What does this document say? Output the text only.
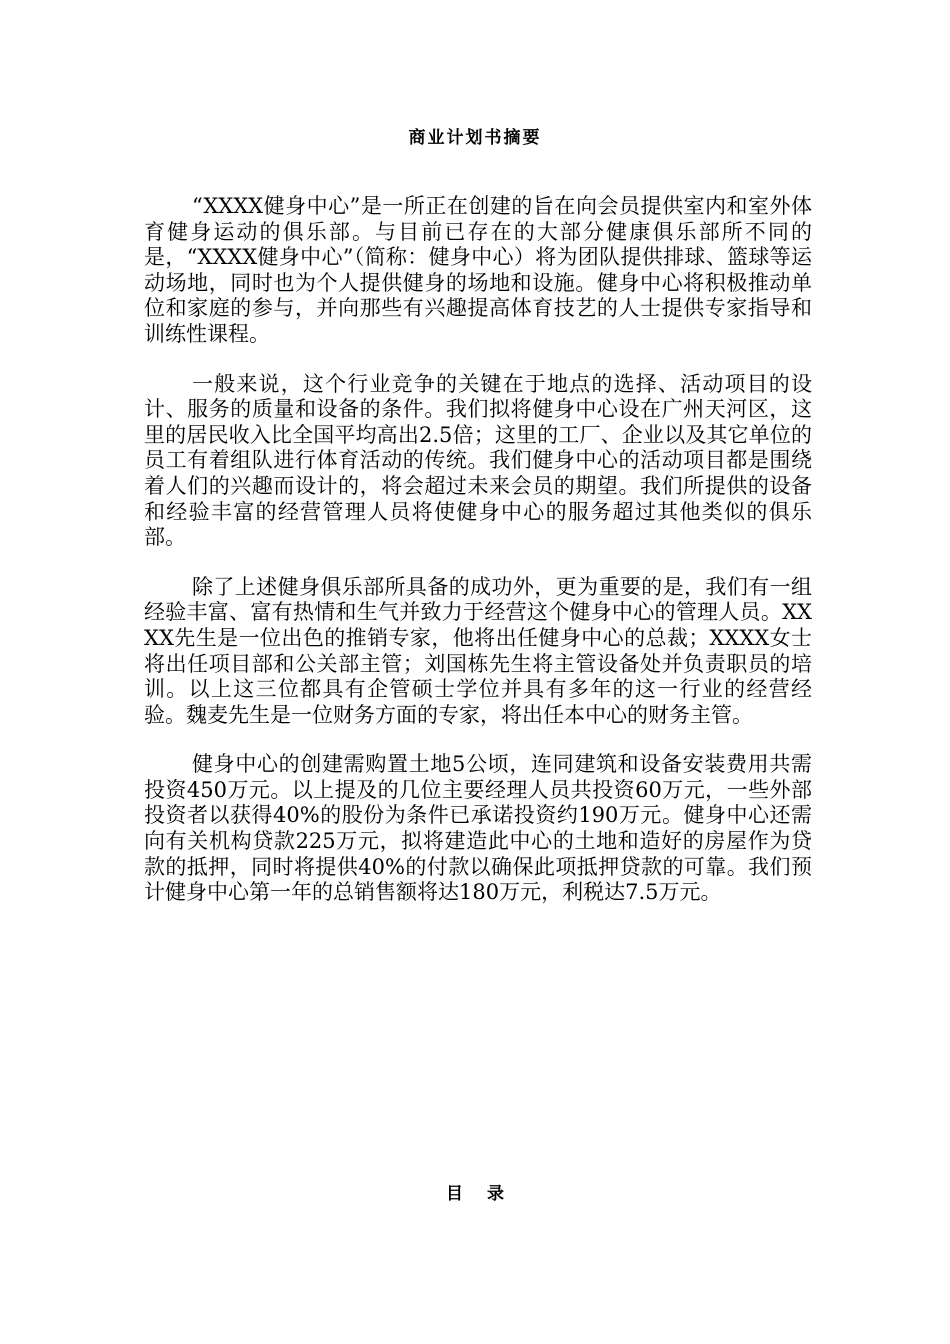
商业计划书摘要

“XXXX健身中心”是一所正在创建的旨在向会员提供室内和室外体育健身运动的俱乐部。与目前已存在的大部分健康俱乐部所不同的是，“XXXX健身中心”（简称：健身中心）将为团队提供排球、篮球等运动场地，同时也为个人提供健身的场地和设施。健身中心将积极推动单位和家庭的参与，并向那些有兴趣提高体育技艺的人士提供专家指导和训练性课程。

一般来说，这个行业竞争的关键在于地点的选择、活动项目的设计、服务的质量和设备的条件。我们拟将健身中心设在广州天河区，这里的居民收入比全国平均高出2.5倍；这里的工厂、企业以及其它单位的员工有着组队进行体育活动的传统。我们健身中心的活动项目都是围绕着人们的兴趣而设计的，将会超过未来会员的期望。我们所提供的设备和经验丰富的经营管理人员将使健身中心的服务超过其他类似的俱乐部。

除了上述健身俱乐部所具备的成功外，更为重要的是，我们有一组经验丰富、富有热情和生气并致力于经营这个健身中心的管理人员。XXXX先生是一位出色的推销专家，他将出任健身中心的总裁；XXXX女士将出任项目部和公关部主管；刘国栋先生将主管设备处并负责职员的培训。以上这三位都具有企管硕士学位并具有多年的这一行业的经营经验。魏麦先生是一位财务方面的专家，将出任本中心的财务主管。

健身中心的创建需购置土地5公顷，连同建筑和设备安装费用共需投资450万元。以上提及的几位主要经理人员共投资60万元，一些外部投资者以获得40%的股份为条件已承诺投资约190万元。健身中心还需向有关机构贷款225万元，拟将建造此中心的土地和造好的房屋作为贷款的抵押，同时将提供40%的付款以确保此项抵押贷款的可靠。我们预计健身中心第一年的总销售额将达180万元，利税达7.5万元。

目录
